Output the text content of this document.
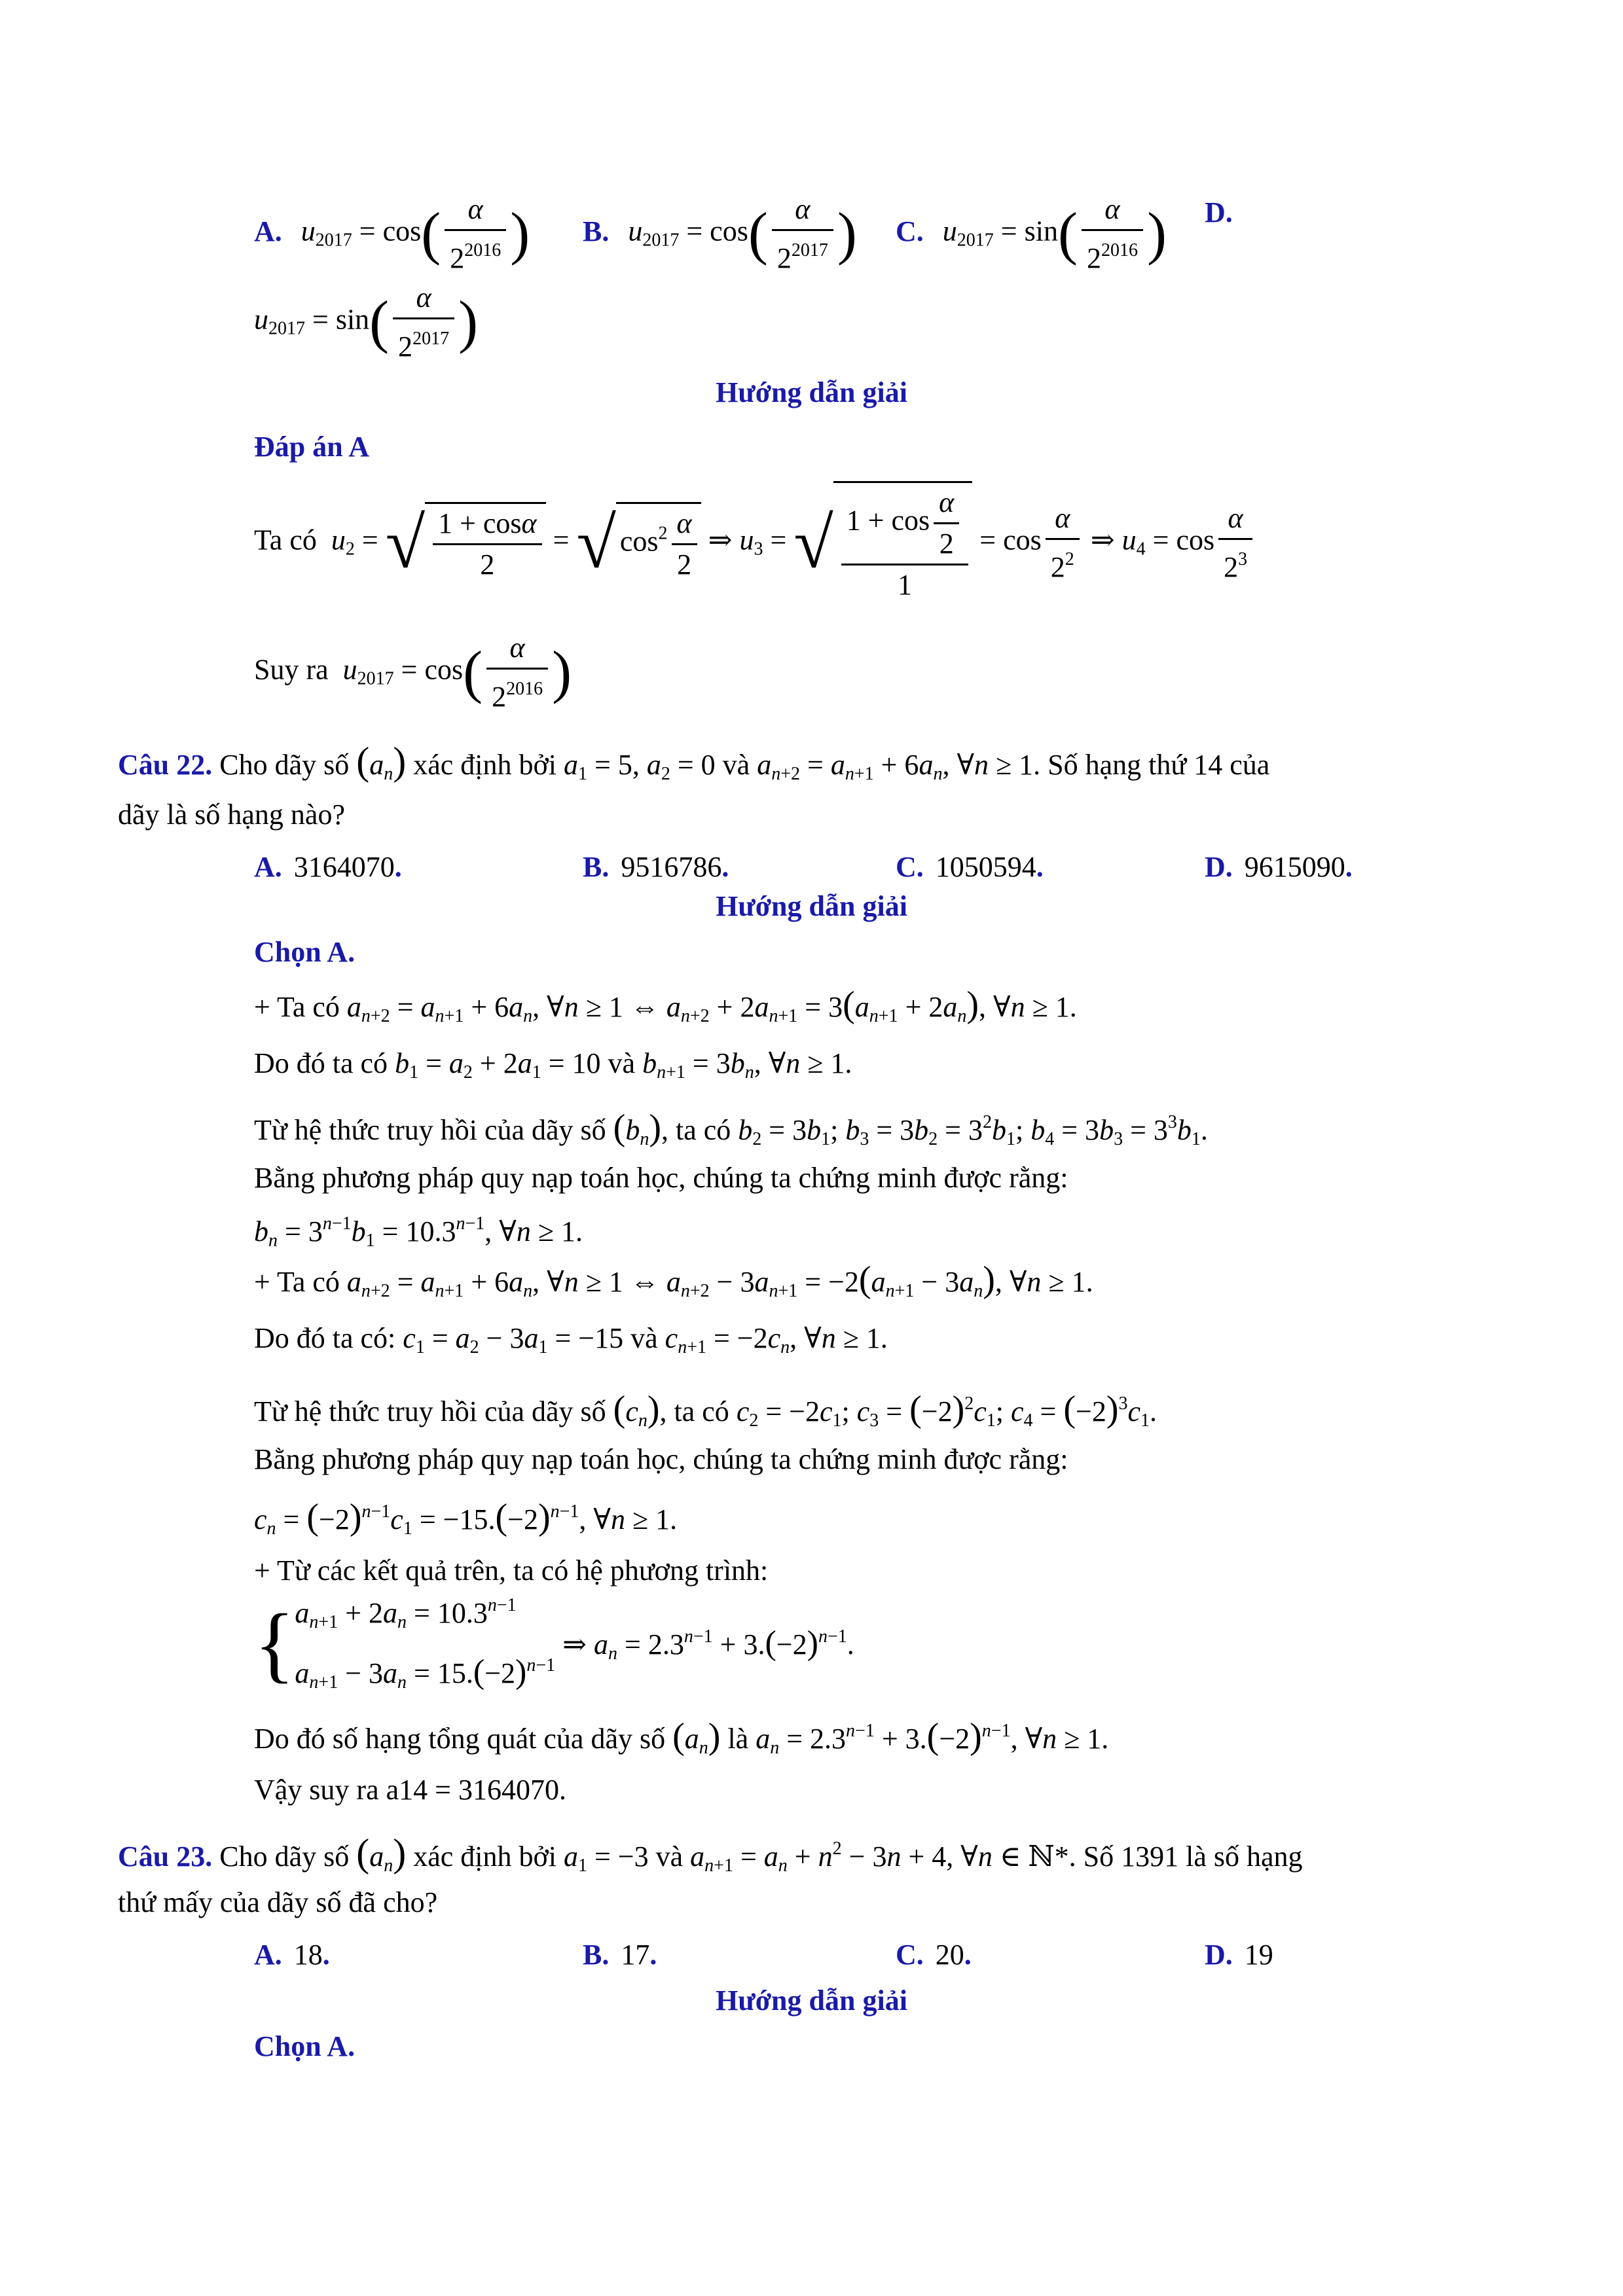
A. $u_{2017} = \cos( \frac{\alpha}{2^{2016}}$ ) B. $u_{2017} = \cos( \frac{\alpha}{2^{2017}}$ ) C. $u_{2017} = \sin( \frac{\alpha}{2^{2016}}$ ) D.
$u_{2017} = \sin( \frac{\alpha}{2^{2017}}$ )
Hướng dẫn giải
Đáp án A
Ta có $u_2$ = √ $\frac{1 + \cos\alpha}{2}$ = √ $\cos^2 \frac{\alpha}{2}$ ⇒ $u_3$ = √ $\frac{1 + \cos \frac{\alpha}{2}}{1} = \cos \frac{\alpha}{2^2}$ ⇒ $u_4 = \cos \frac{\alpha}{2^3}$
Suy ra $u_{2017} = \cos( \frac{\alpha}{2^{2016}}$ )
Câu 22. Cho dãy số $(a_n)$ xác định bởi $a_1 = 5$, $a_2 = 0$ và $a_{n+2} = a_{n+1} + 6a_n$, ∀n ≥ 1. Số hạng thứ 14 của
dãy là số hạng nào?
A. 3164070.	B. 9516786.	C. 1050594.	D. 9615090.
Hướng dẫn giải
Chọn A.
+ Ta có $a_{n+2} = a_{n+1} + 6a_n$, ∀n ≥ 1 ⇔ $a_{n+2} + 2a_{n+1} = 3(a_{n+1} + 2a_n)$, ∀n ≥ 1.
Do đó ta có $b_1 = a_2 + 2a_1 = 10$ và $b_{n+1} = 3b_n$, ∀n ≥ 1.
Từ hệ thức truy hồi của dãy số $(b_n)$, ta có $b_2 = 3b_1$; $b_3 = 3b_2 = 3^2b_1$; $b_4 = 3b_3 = 3^3b_1$.
Bằng phương pháp quy nạp toán học, chúng ta chứng minh được rằng:
$b_n = 3^{n-1}b_1 = 10.3^{n-1}$, ∀n ≥ 1.
+ Ta có $a_{n+2} = a_{n+1} + 6a_n$, ∀n ≥ 1 ⇔ $a_{n+2} - 3a_{n+1} = -2(a_{n+1} - 3a_n)$, ∀n ≥ 1.
Do đó ta có: $c_1 = a_2 - 3a_1 = -15$ và $c_{n+1} = -2c_n$, ∀n ≥ 1.
Từ hệ thức truy hồi của dãy số $(c_n)$, ta có $c_2 = -2c_1$; $c_3 = (-2)^2c_1$; $c_4 = (-2)^3c_1$.
Bằng phương pháp quy nạp toán học, chúng ta chứng minh được rằng:
$c_n = (-2)^{n-1}c_1 = -15.(-2)^{n-1}$, ∀n ≥ 1.
+ Từ các kết quả trên, ta có hệ phương trình:
{ $a_{n+1} + 2a_n = 10.3^{n-1}$
$a_{n+1} - 3a_n = 15.(-2)^{n-1}$
⇒ $a_n = 2.3^{n-1} + 3.(-2)^{n-1}$.
Do đó số hạng tổng quát của dãy số $(a_n)$ là $a_n = 2.3^{n-1} + 3.(-2)^{n-1}$, ∀n ≥ 1.
Vậy suy ra a14 = 3164070.
Câu 23. Cho dãy số $(a_n)$ xác định bởi $a_1 = -3$ và $a_{n+1} = a_n + n^2 - 3n + 4$, ∀n ∈ ℕ*. Số 1391 là số hạng
thứ mấy của dãy số đã cho?
A. 18.	B. 17.	C. 20.	D. 19
Hướng dẫn giải
Chọn A.
